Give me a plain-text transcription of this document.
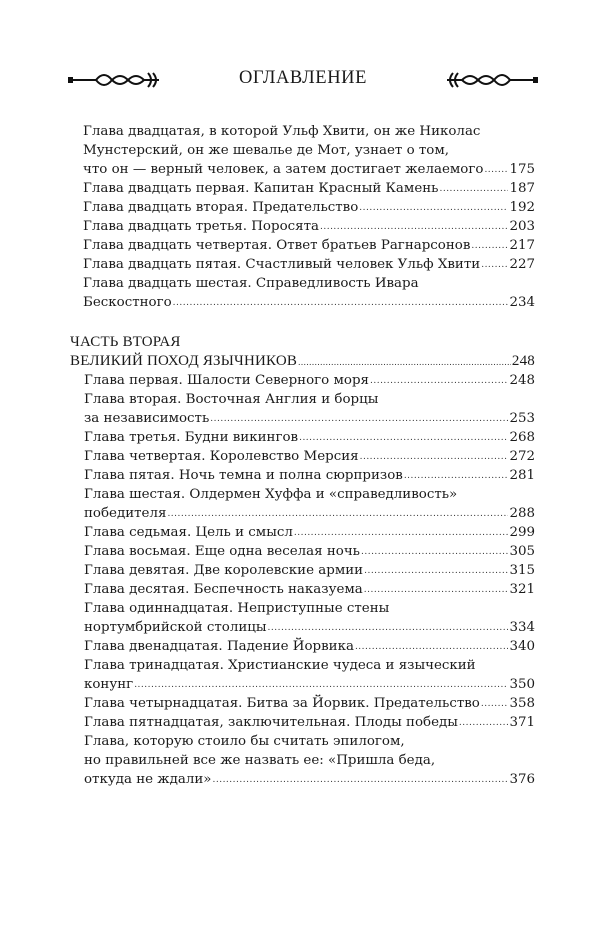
ОГЛАВЛЕНИЕ
Глава двадцатая, в которой Ульф Хвити, он же Николас
Мунстерский, он же шевалье де Мот, узнает о том,
что он — верный человек, а затем достигает желаемого ..... 175
Глава двадцать первая. Капитан Красный Камень .....	187
Глава двадцать вторая. Предательство .....	192
Глава двадцать третья. Поросята .....	203
Глава двадцать четвертая. Ответ братьев Рагнарсонов .....	217
Глава двадцать пятая. Счастливый человек Ульф Хвити ..... 227
Глава двадцать шестая. Справедливость Ивара
Бескостного .....	234
ЧАСТЬ ВТОРАЯ
ВЕЛИКИЙ ПОХОД ЯЗЫЧНИКОВ .....	248
Глава первая. Шалости Северного моря .....	248
Глава вторая. Восточная Англия и борцы
за независимость .....	253
Глава третья. Будни викингов .....	268
Глава четвертая. Королевство Мерсия .....	272
Глава пятая. Ночь темна и полна сюрпризов .....	281
Глава шестая. Олдермен Хуффа и «справедливость»
победителя .....	288
Глава седьмая. Цель и смысл .....	299
Глава восьмая. Еще одна веселая ночь .....	305
Глава девятая. Две королевские армии .....	315
Глава десятая. Беспечность наказуема .....	321
Глава одиннадцатая. Неприступные стены
нортумбрийской столицы .....	334
Глава двенадцатая. Падение Йорвика .....	340
Глава тринадцатая. Христианские чудеса и языческий
конунг .....	350
Глава четырнадцатая. Битва за Йорвик. Предательство ..... 358
Глава пятнадцатая, заключительная. Плоды победы .....	371
Глава, которую стоило бы считать эпилогом,
но правильней все же назвать ее: «Пришла беда,
откуда не ждали» .....	376
